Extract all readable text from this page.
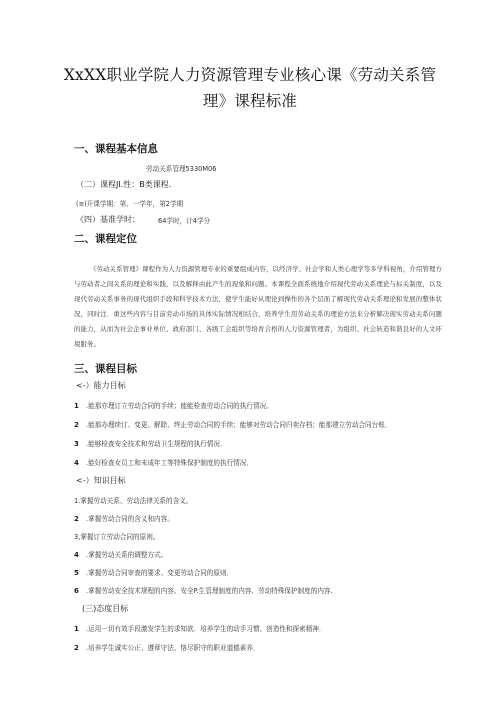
XxXX职业学院人力资源管理专业核心课《劳动关系管
理》课程标准
一、课程基本信息
劳动关系管理5330M06
（二）课程JⅠ.性：B类课程.
(≡)开课学期：第、一学年，第2学期
《四）基准学时：	64学时，计4学分
二、课程定位
《劳动关系管理》课程作为人力资源管理专业的重要组成内容，以经济学、社会学和人类心理学等多学科视角，介绍管理方与劳动者之间关系的理论和实践，以及解释由此产生的现象和问题。本课程全面系统地介绍现代劳动关系理论与标关制度，以及现代劳动关系事务的现代组织手段和科学技术方法，使学生能好从理论到操作的各个层面了解现代劳动关系理论和发展的整体状况，同时注．重这些内容与目前劳动市场的具体实际情况相结合，培养学生用劳动关系的理论方法来分析解决现实劳动关系问题的能力，从而为社会企事业单位、政府部门、各级工会组织等培育合格的人力资源管理者，为组织、社会转造和谐良好的人文环境服务。
三、课程目标
<-）能力目标
1 .能那亦理订立劳动合同的手续；能能检查劳动合同的执行情况。
2 .能那办理续订、变更、解除、终止劳动合同的手续；能够对劳动合同归卖存档；能那建立劳动合同台账．
3 .能够检查安全技术和劳动卫生规程的执行情况．
4 .能好检查女员工和未成年工等特殊保护制度的执行情况．
<-）知识目标
1.掌握劳动关系、劳动法律关系的含义。
2 .掌握劳动合同的含义和内容。
3,掌握订立劳动合同的原则。
4 .掌握劳动关系的调整方式。
5 .掌握劳动合同审查的要求、变更劳动合同的原则．
6 .掌握劳动安全技术规程的内容、安全P.生管理制度的内容、劳动特殊保护制度的内容.
(三)态度目标
1 .运用一切有效手段激发学生的求知欲．培养学生的动手习惯、创造性和探索精神．
2 .培养学生诚实公正、遵章守法、恪尽职守的职业道德素养．
